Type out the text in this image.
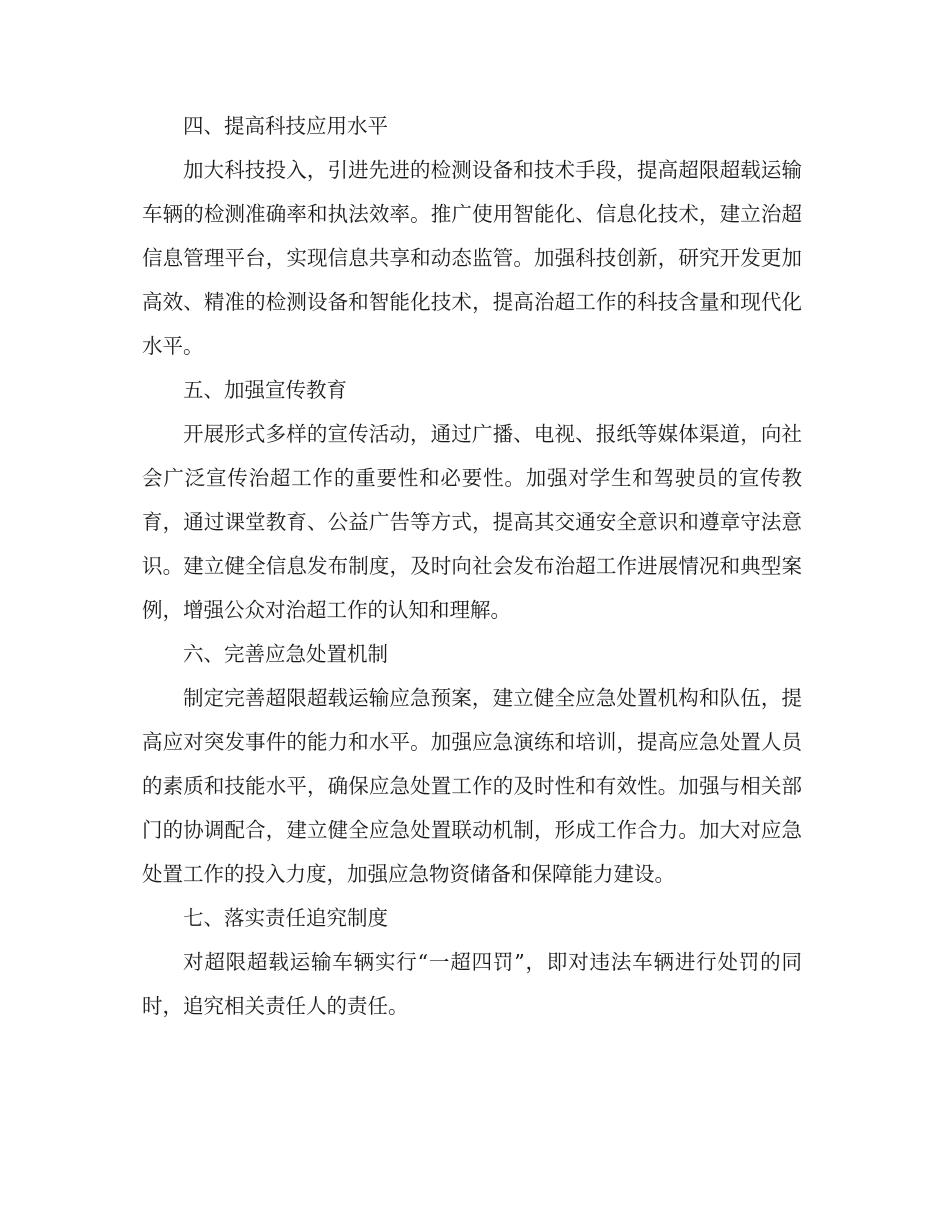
四、提高科技应用水平

加大科技投入，引进先进的检测设备和技术手段，提高超限超载运输车辆的检测准确率和执法效率。推广使用智能化、信息化技术，建立治超信息管理平台，实现信息共享和动态监管。加强科技创新，研究开发更加高效、精准的检测设备和智能化技术，提高治超工作的科技含量和现代化水平。

五、加强宣传教育

开展形式多样的宣传活动，通过广播、电视、报纸等媒体渠道，向社会广泛宣传治超工作的重要性和必要性。加强对学生和驾驶员的宣传教育，通过课堂教育、公益广告等方式，提高其交通安全意识和遵章守法意识。建立健全信息发布制度，及时向社会发布治超工作进展情况和典型案例，增强公众对治超工作的认知和理解。

六、完善应急处置机制

制定完善超限超载运输应急预案，建立健全应急处置机构和队伍，提高应对突发事件的能力和水平。加强应急演练和培训，提高应急处置人员的素质和技能水平，确保应急处置工作的及时性和有效性。加强与相关部门的协调配合，建立健全应急处置联动机制，形成工作合力。加大对应急处置工作的投入力度，加强应急物资储备和保障能力建设。

七、落实责任追究制度

对超限超载运输车辆实行“一超四罚”，即对违法车辆进行处罚的同时，追究相关责任人的责任。
